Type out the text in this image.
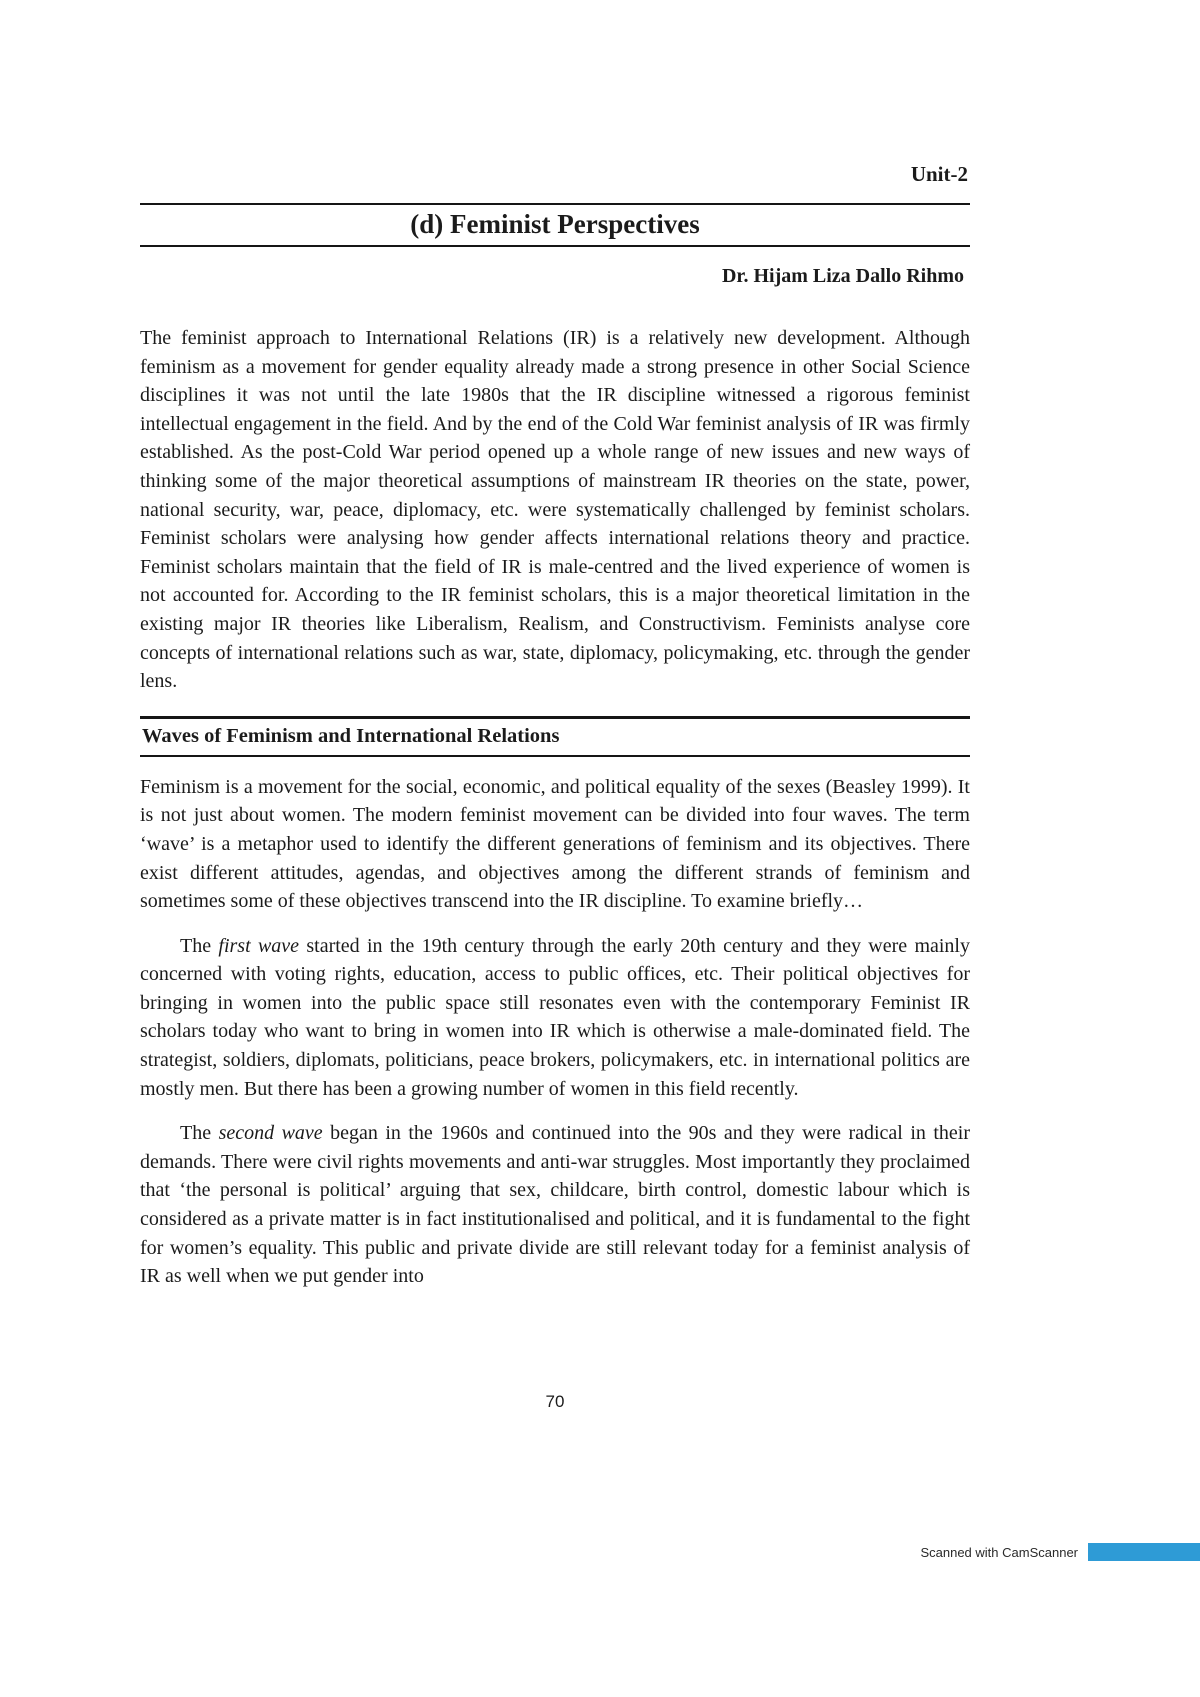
Unit-2
(d) Feminist Perspectives
Dr. Hijam Liza Dallo Rihmo

The feminist approach to International Relations (IR) is a relatively new development. Although feminism as a movement for gender equality already made a strong presence in other Social Science disciplines it was not until the late 1980s that the IR discipline witnessed a rigorous feminist intellectual engagement in the field. And by the end of the Cold War feminist analysis of IR was firmly established. As the post-Cold War period opened up a whole range of new issues and new ways of thinking some of the major theoretical assumptions of mainstream IR theories on the state, power, national security, war, peace, diplomacy, etc. were systematically challenged by feminist scholars. Feminist scholars were analysing how gender affects international relations theory and practice. Feminist scholars maintain that the field of IR is male-centred and the lived experience of women is not accounted for. According to the IR feminist scholars, this is a major theoretical limitation in the existing major IR theories like Liberalism, Realism, and Constructivism. Feminists analyse core concepts of international relations such as war, state, diplomacy, policymaking, etc. through the gender lens.

Waves of Feminism and International Relations

Feminism is a movement for the social, economic, and political equality of the sexes (Beasley 1999). It is not just about women. The modern feminist movement can be divided into four waves. The term ‘wave’ is a metaphor used to identify the different generations of feminism and its objectives. There exist different attitudes, agendas, and objectives among the different strands of feminism and sometimes some of these objectives transcend into the IR discipline. To examine briefly…

The first wave started in the 19th century through the early 20th century and they were mainly concerned with voting rights, education, access to public offices, etc. Their political objectives for bringing in women into the public space still resonates even with the contemporary Feminist IR scholars today who want to bring in women into IR which is otherwise a male-dominated field. The strategist, soldiers, diplomats, politicians, peace brokers, policymakers, etc. in international politics are mostly men. But there has been a growing number of women in this field recently.

The second wave began in the 1960s and continued into the 90s and they were radical in their demands. There were civil rights movements and anti-war struggles. Most importantly they proclaimed that ‘the personal is political’ arguing that sex, childcare, birth control, domestic labour which is considered as a private matter is in fact institutionalised and political, and it is fundamental to the fight for women’s equality. This public and private divide are still relevant today for a feminist analysis of IR as well when we put gender into

70
Scanned with CamScanner
